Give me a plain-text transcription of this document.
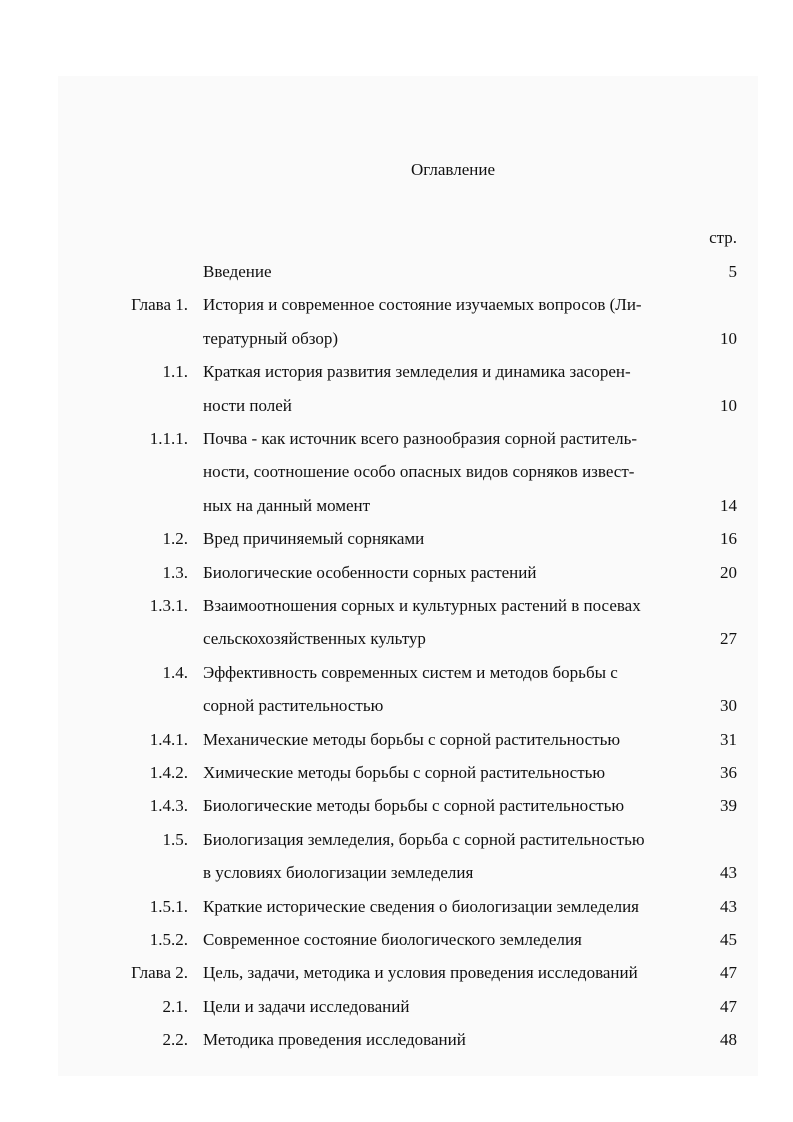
Оглавление
стр.
Введение	5
Глава 1. История и современное состояние изучаемых вопросов (Ли-
тературный обзор)	10
1.1. Краткая история развития земледелия и динамика засорен-
ности полей	10
1.1.1. Почва - как источник всего разнообразия сорной раститель-
ности, соотношение особо опасных видов сорняков извест-
ных на данный момент	14
1.2. Вред причиняемый сорняками	16
1.3. Биологические особенности сорных растений	20
1.3.1. Взаимоотношения сорных и культурных растений в посевах
сельскохозяйственных культур	27
1.4. Эффективность современных систем и методов борьбы с
сорной растительностью	30
1.4.1. Механические методы борьбы с сорной растительностью	31
1.4.2. Химические методы борьбы с сорной растительностью	36
1.4.3. Биологические методы борьбы с сорной растительностью	39
1.5. Биологизация земледелия, борьба с сорной растительностью
в условиях биологизации земледелия	43
1.5.1. Краткие исторические сведения о биологизации земледелия	43
1.5.2. Современное состояние биологического земледелия	45
Глава 2. Цель, задачи, методика и условия проведения исследований	47
2.1. Цели и задачи исследований	47
2.2. Методика проведения исследований	48
